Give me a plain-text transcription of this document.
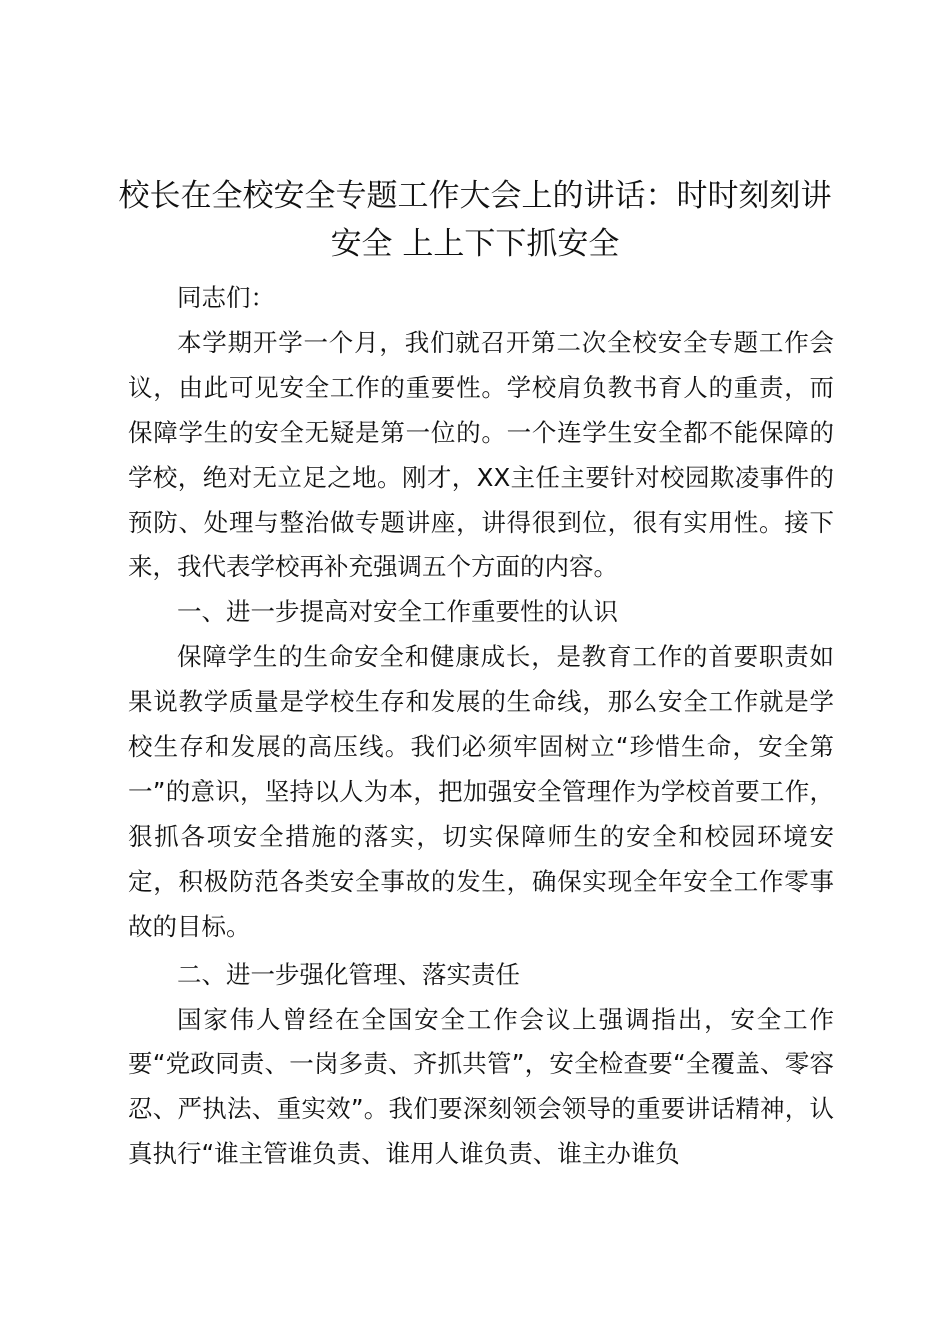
校长在全校安全专题工作大会上的讲话：时时刻刻讲安全 上上下下抓安全

同志们：

本学期开学一个月，我们就召开第二次全校安全专题工作会议，由此可见安全工作的重要性。学校肩负教书育人的重责，而保障学生的安全无疑是第一位的。一个连学生安全都不能保障的学校，绝对无立足之地。刚才，XX主任主要针对校园欺凌事件的预防、处理与整治做专题讲座，讲得很到位，很有实用性。接下来，我代表学校再补充强调五个方面的内容。

一、进一步提高对安全工作重要性的认识

保障学生的生命安全和健康成长，是教育工作的首要职责如果说教学质量是学校生存和发展的生命线，那么安全工作就是学校生存和发展的高压线。我们必须牢固树立“珍惜生命，安全第一”的意识，坚持以人为本，把加强安全管理作为学校首要工作，狠抓各项安全措施的落实，切实保障师生的安全和校园环境安定，积极防范各类安全事故的发生，确保实现全年安全工作零事故的目标。

二、进一步强化管理、落实责任

国家伟人曾经在全国安全工作会议上强调指出，安全工作要“党政同责、一岗多责、齐抓共管”，安全检查要“全覆盖、零容忍、严执法、重实效”。我们要深刻领会领导的重要讲话精神，认真执行“谁主管谁负责、谁用人谁负责、谁主办谁负
